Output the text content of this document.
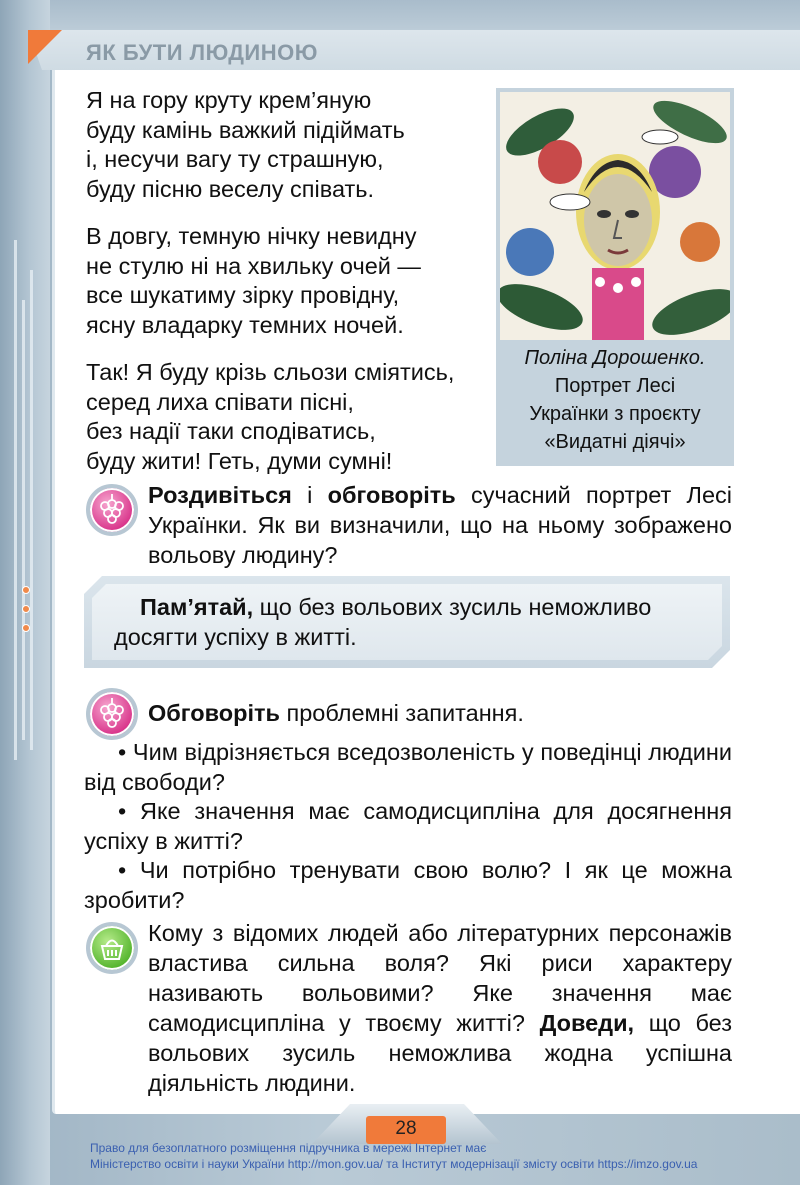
ЯК БУТИ ЛЮДИНОЮ
Я на гору круту крем’яную
буду камінь важкий підіймать
і, несучи вагу ту страшную,
буду пісню веселу співать.
В довгу, темную нічку невидну
не стулю ні на хвильку очей —
все шукатиму зірку провідну,
ясну владарку темних ночей.
Так! Я буду крізь сльози сміятись,
серед лиха співати пісні,
без надії таки сподіватись,
буду жити! Геть, думи сумні!
Поліна Дорошенко.
Портрет Лесі
Українки з проєкту
«Видатні діячі»
Роздивіться і обговоріть сучасний портрет Лесі Українки. Як ви визначили, що на ньому зображено вольову людину?
Пам’ятай, що без вольових зусиль неможливо досягти успіху в житті.
Обговоріть проблемні запитання.
• Чим відрізняється вседозволеність у поведінці людини від свободи?
• Яке значення має самодисципліна для досягнення успіху в житті?
• Чи потрібно тренувати свою волю? І як це можна зробити?
Кому з відомих людей або літературних персонажів властива сильна воля? Які риси характеру називають вольовими? Яке значення має самодисципліна у твоєму житті? Доведи, що без вольових зусиль неможлива жодна успішна діяльність людини.
28
Право для безоплатного розміщення підручника в мережі Інтернет має
Міністерство освіти і науки України http://mon.gov.ua/ та Інститут модернізації змісту освіти https://imzo.gov.ua
